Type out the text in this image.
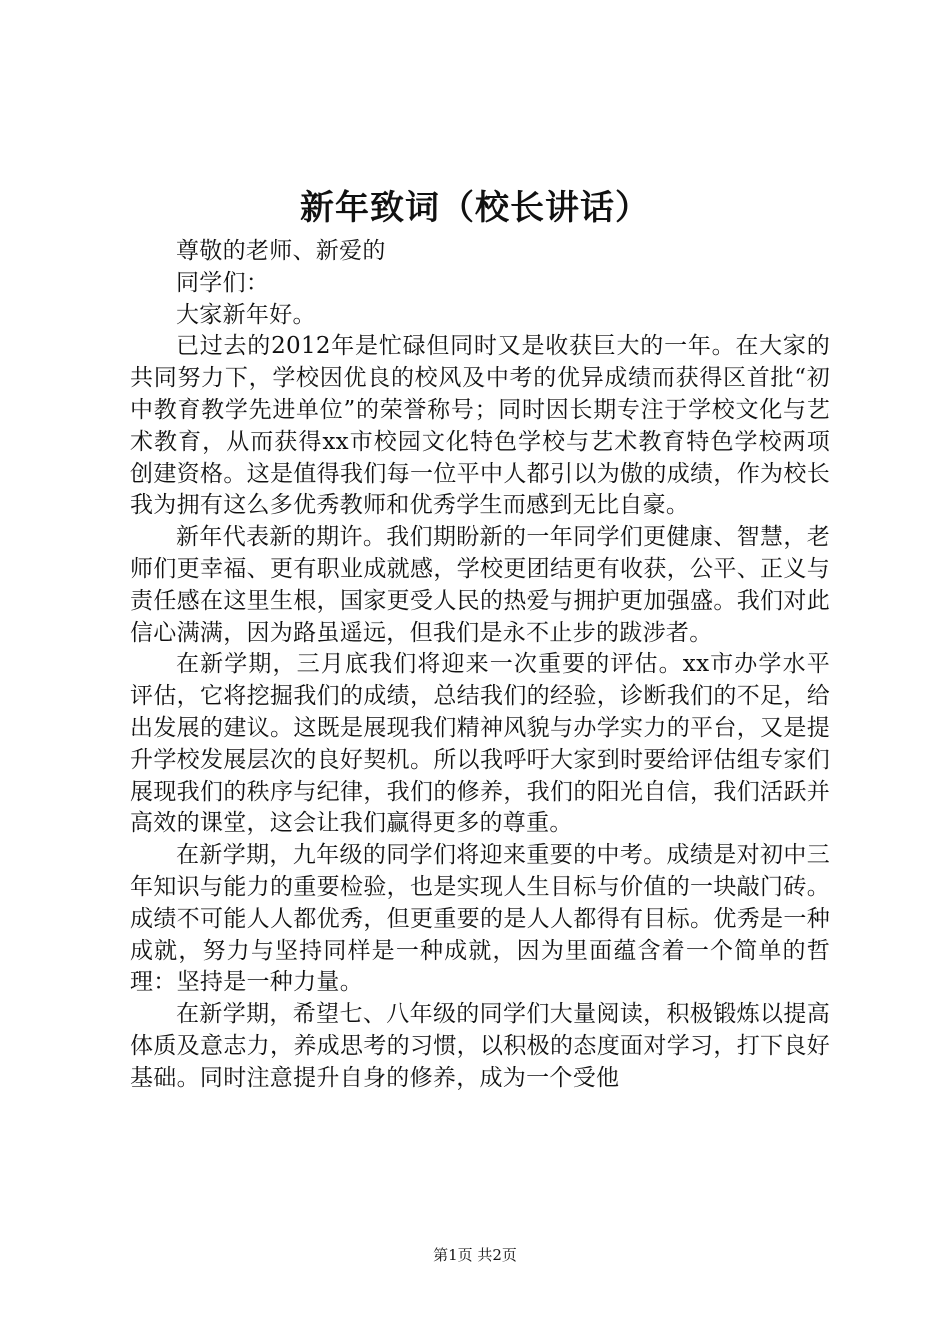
新年致词（校长讲话）

尊敬的老师、新爱的

同学们：

大家新年好。

已过去的2012年是忙碌但同时又是收获巨大的一年。在大家的共同努力下，学校因优良的校风及中考的优异成绩而获得区首批“初中教育教学先进单位”的荣誉称号；同时因长期专注于学校文化与艺术教育，从而获得xx市校园文化特色学校与艺术教育特色学校两项创建资格。这是值得我们每一位平中人都引以为傲的成绩，作为校长我为拥有这么多优秀教师和优秀学生而感到无比自豪。

新年代表新的期许。我们期盼新的一年同学们更健康、智慧，老师们更幸福、更有职业成就感，学校更团结更有收获，公平、正义与责任感在这里生根，国家更受人民的热爱与拥护更加强盛。我们对此信心满满，因为路虽遥远，但我们是永不止步的跋涉者。

在新学期，三月底我们将迎来一次重要的评估。xx市办学水平评估，它将挖掘我们的成绩，总结我们的经验，诊断我们的不足，给出发展的建议。这既是展现我们精神风貌与办学实力的平台，又是提升学校发展层次的良好契机。所以我呼吁大家到时要给评估组专家们展现我们的秩序与纪律，我们的修养，我们的阳光自信，我们活跃并高效的课堂，这会让我们赢得更多的尊重。

在新学期，九年级的同学们将迎来重要的中考。成绩是对初中三年知识与能力的重要检验，也是实现人生目标与价值的一块敲门砖。成绩不可能人人都优秀，但更重要的是人人都得有目标。优秀是一种成就，努力与坚持同样是一种成就，因为里面蕴含着一个简单的哲理：坚持是一种力量。

在新学期，希望七、八年级的同学们大量阅读，积极锻炼以提高体质及意志力，养成思考的习惯，以积极的态度面对学习，打下良好基础。同时注意提升自身的修养，成为一个受他

第1页 共2页
